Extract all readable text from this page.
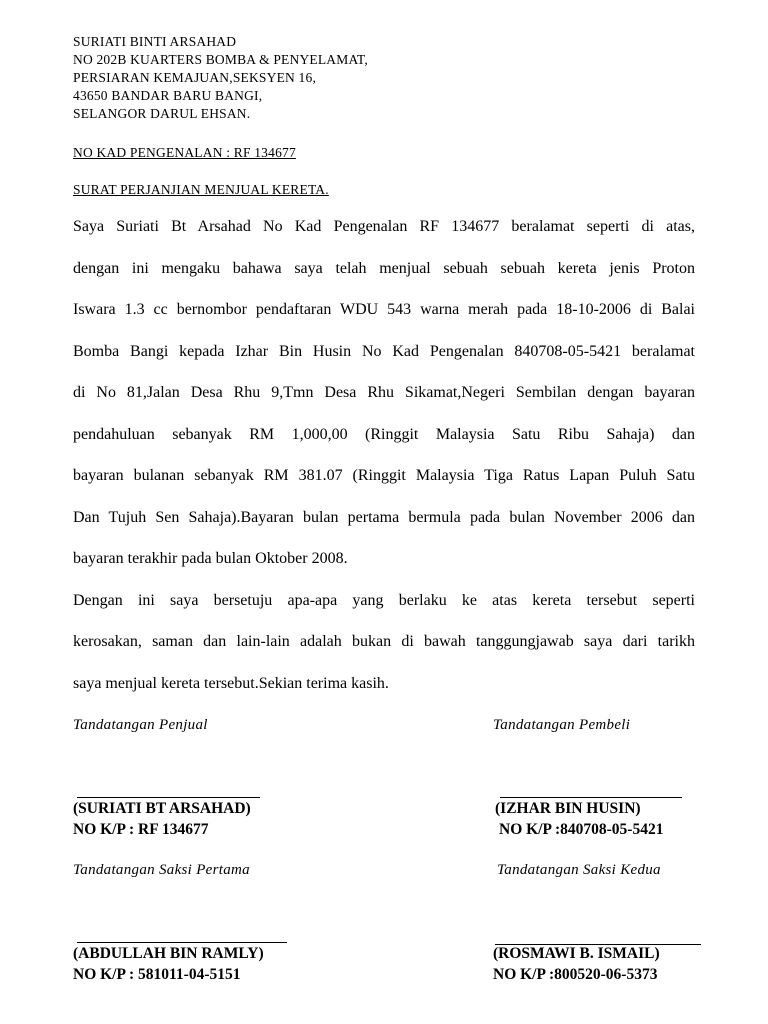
SURIATI BINTI ARSAHAD
NO 202B KUARTERS BOMBA & PENYELAMAT,
PERSIARAN KEMAJUAN,SEKSYEN 16,
43650 BANDAR BARU BANGI,
SELANGOR DARUL EHSAN.
NO KAD PENGENALAN : RF 134677
SURAT PERJANJIAN MENJUAL KERETA.
Saya Suriati Bt Arsahad No Kad Pengenalan RF 134677 beralamat seperti di atas,
dengan ini mengaku bahawa saya telah menjual sebuah sebuah kereta jenis Proton
Iswara 1.3 cc bernombor pendaftaran WDU 543 warna merah pada 18-10-2006 di Balai
Bomba Bangi kepada Izhar Bin Husin No Kad Pengenalan 840708-05-5421 beralamat
di No 81,Jalan Desa Rhu 9,Tmn Desa Rhu Sikamat,Negeri Sembilan dengan bayaran
pendahuluan sebanyak RM 1,000,00 (Ringgit Malaysia Satu Ribu Sahaja) dan
bayaran bulanan sebanyak RM 381.07 (Ringgit Malaysia Tiga Ratus Lapan Puluh Satu
Dan Tujuh Sen Sahaja).Bayaran bulan pertama bermula pada bulan November 2006 dan
bayaran terakhir pada bulan Oktober 2008.
Dengan ini saya bersetuju apa-apa yang berlaku ke atas kereta tersebut seperti
kerosakan, saman dan lain-lain adalah bukan di bawah tanggungjawab saya dari tarikh
saya menjual kereta tersebut.Sekian terima kasih.
Tandatangan Penjual	Tandatangan Pembeli
(SURIATI BT ARSAHAD)	(IZHAR BIN HUSIN)
NO K/P : RF 134677	NO K/P :840708-05-5421
Tandatangan Saksi Pertama	Tandatangan Saksi Kedua
(ABDULLAH BIN RAMLY)	(ROSMAWI B. ISMAIL)
NO K/P : 581011-04-5151	NO K/P :800520-06-5373
